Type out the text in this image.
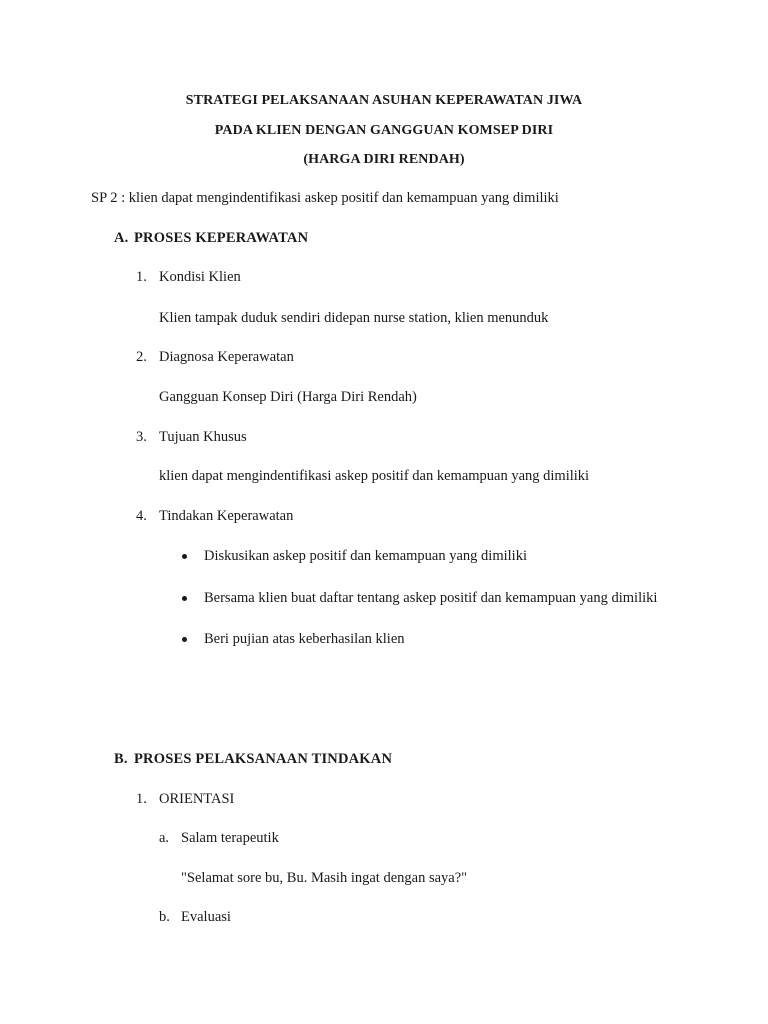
STRATEGI PELAKSANAAN ASUHAN KEPERAWATAN JIWA
PADA KLIEN DENGAN GANGGUAN KOMSEP DIRI
(HARGA DIRI RENDAH)
SP 2 : klien dapat mengindentifikasi askep positif dan kemampuan yang dimiliki
A. PROSES KEPERAWATAN
1. Kondisi Klien
Klien tampak duduk sendiri didepan nurse station, klien menunduk
2. Diagnosa Keperawatan
Gangguan Konsep Diri (Harga Diri Rendah)
3. Tujuan Khusus
klien dapat mengindentifikasi askep positif dan kemampuan yang dimiliki
4. Tindakan Keperawatan
Diskusikan askep positif dan kemampuan yang dimiliki
Bersama klien buat daftar tentang askep positif dan kemampuan yang dimiliki
Beri pujian atas keberhasilan klien
B. PROSES PELAKSANAAN TINDAKAN
1. ORIENTASI
a. Salam terapeutik
"Selamat sore bu, Bu. Masih ingat dengan saya?"
b. Evaluasi
